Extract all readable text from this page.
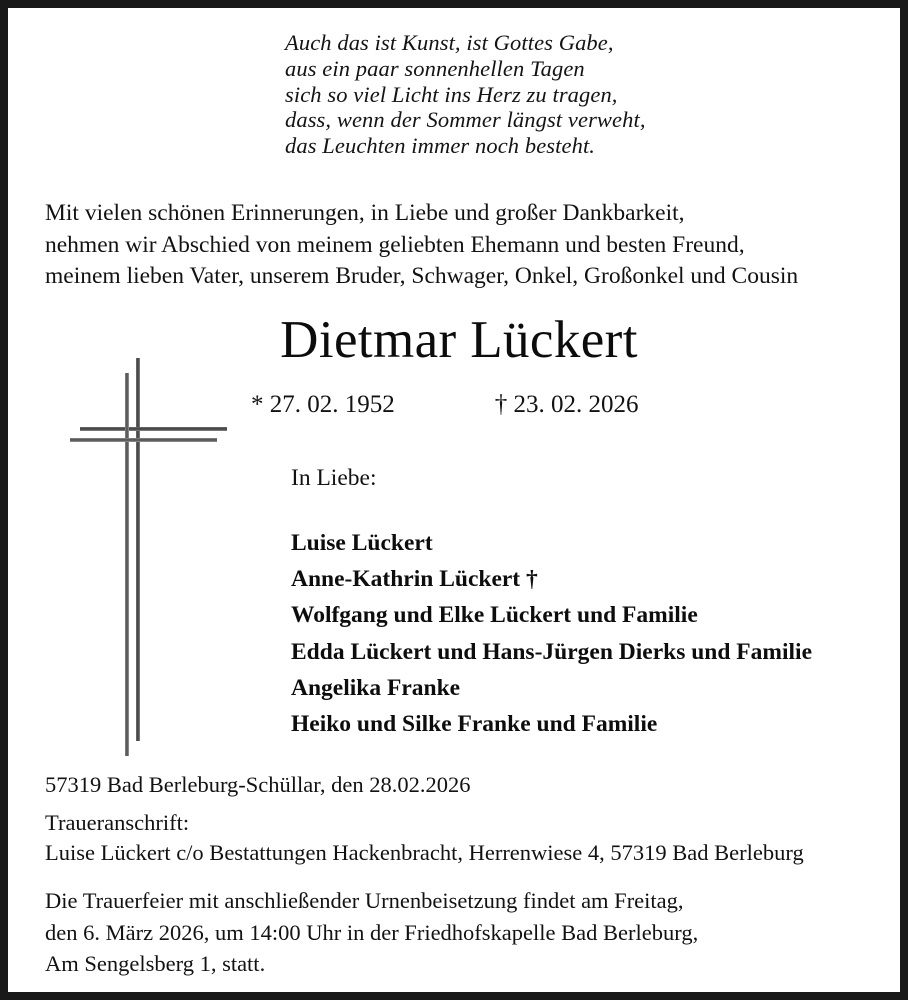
Auch das ist Kunst, ist Gottes Gabe,
aus ein paar sonnenhellen Tagen
sich so viel Licht ins Herz zu tragen,
dass, wenn der Sommer längst verweht,
das Leuchten immer noch besteht.
Mit vielen schönen Erinnerungen, in Liebe und großer Dankbarkeit,
nehmen wir Abschied von meinem geliebten Ehemann und besten Freund,
meinem lieben Vater, unserem Bruder, Schwager, Onkel, Großonkel und Cousin
Dietmar Lückert
* 27. 02. 1952	† 23. 02. 2026
In Liebe:
Luise Lückert
Anne-Kathrin Lückert †
Wolfgang und Elke Lückert und Familie
Edda Lückert und Hans-Jürgen Dierks und Familie
Angelika Franke
Heiko und Silke Franke und Familie
57319 Bad Berleburg-Schüllar, den 28.02.2026
Traueranschrift:
Luise Lückert c/o Bestattungen Hackenbracht, Herrenwiese 4, 57319 Bad Berleburg
Die Trauerfeier mit anschließender Urnenbeisetzung findet am Freitag,
den 6. März 2026, um 14:00 Uhr in der Friedhofskapelle Bad Berleburg,
Am Sengelsberg 1, statt.
